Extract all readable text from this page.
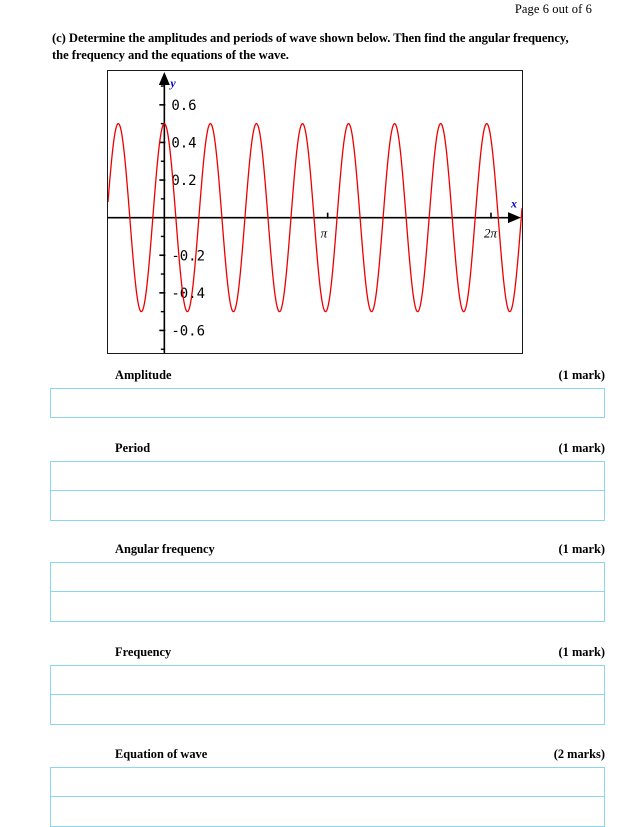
Page 6 out of 6
(c) Determine the amplitudes and periods of wave shown below. Then find the angular frequency, the frequency and the equations of the wave.
0.6
0.4
0.2
-0.2
-0.4
-0.6
π	2π
y
x
Amplitude	(1 mark)
Period	(1 mark)
Angular frequency	(1 mark)
Frequency	(1 mark)
Equation of wave	(2 marks)
